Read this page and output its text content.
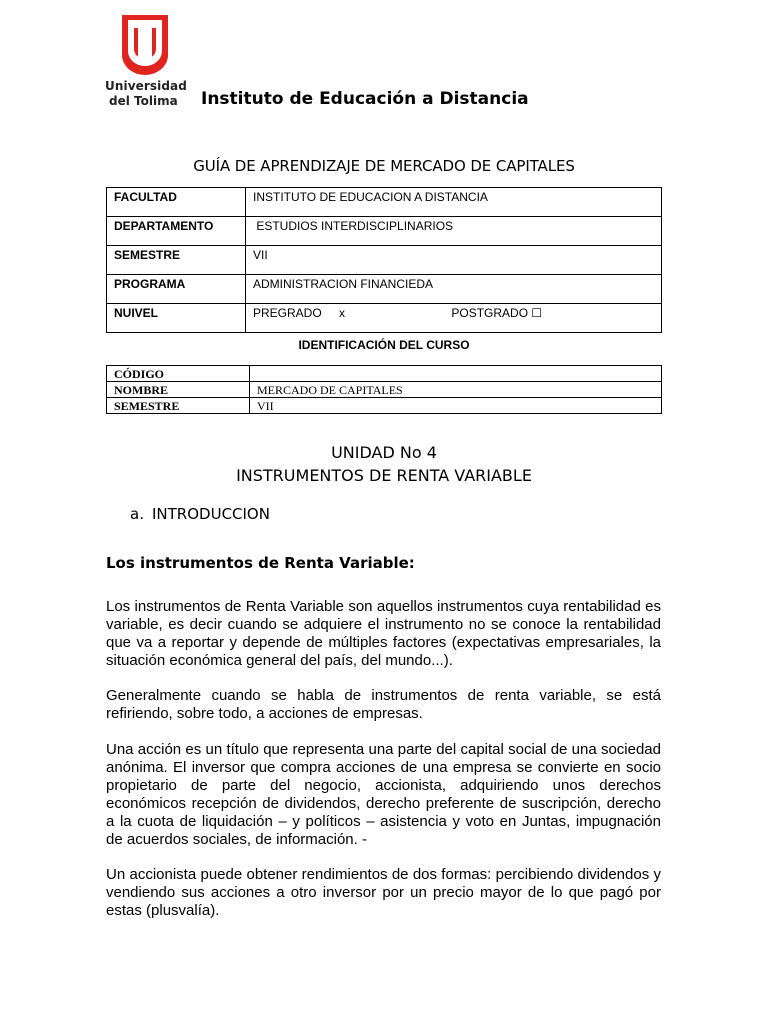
Universidad
del Tolima Instituto de Educación a Distancia
GUÍA DE APRENDIZAJE DE MERCADO DE CAPITALES
FACULTAD	INSTITUTO DE EDUCACION A DISTANCIA
DEPARTAMENTO	ESTUDIOS INTERDISCIPLINARIOS
SEMESTRE	VII
PROGRAMA	ADMINISTRACION FINANCIEDA
NUIVEL	PREGRADO x POSTGRADO ☐
IDENTIFICACIÓN DEL CURSO
CÓDIGO	
NOMBRE	MERCADO DE CAPITALES
SEMESTRE	VII
UNIDAD No 4
INSTRUMENTOS DE RENTA VARIABLE
a. INTRODUCCION
Los instrumentos de Renta Variable:
Los instrumentos de Renta Variable son aquellos instrumentos cuya rentabilidad es variable, es decir cuando se adquiere el instrumento no se conoce la rentabilidad que va a reportar y depende de múltiples factores (expectativas empresariales, la situación económica general del país, del mundo...).
Generalmente cuando se habla de instrumentos de renta variable, se está refiriendo, sobre todo, a acciones de empresas.
Una acción es un título que representa una parte del capital social de una sociedad anónima. El inversor que compra acciones de una empresa se convierte en socio propietario de parte del negocio, accionista, adquiriendo unos derechos económicos recepción de dividendos, derecho preferente de suscripción, derecho a la cuota de liquidación – y políticos – asistencia y voto en Juntas, impugnación de acuerdos sociales, de información. -
Un accionista puede obtener rendimientos de dos formas: percibiendo dividendos y vendiendo sus acciones a otro inversor por un precio mayor de lo que pagó por estas (plusvalía).
